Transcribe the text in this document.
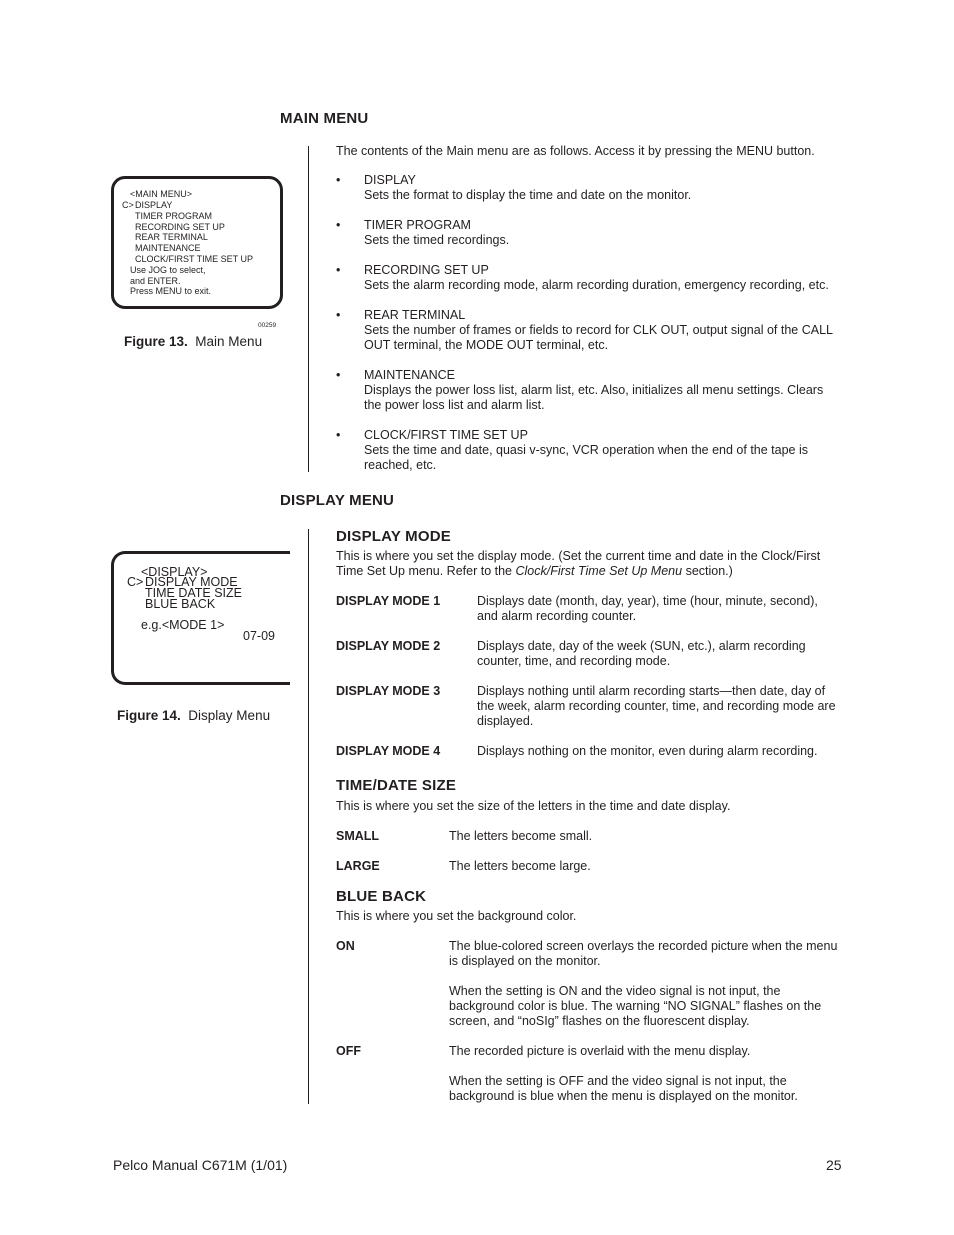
MAIN MENU
The contents of the Main menu are as follows. Access it by pressing the MENU button.
• DISPLAY
Sets the format to display the time and date on the monitor.
• TIMER PROGRAM
Sets the timed recordings.
• RECORDING SET UP
Sets the alarm recording mode, alarm recording duration, emergency recording, etc.
• REAR TERMINAL
Sets the number of frames or fields to record for CLK OUT, output signal of the CALL OUT terminal, the MODE OUT terminal, etc.
• MAINTENANCE
Displays the power loss list, alarm list, etc. Also, initializes all menu settings. Clears the power loss list and alarm list.
• CLOCK/FIRST TIME SET UP
Sets the time and date, quasi v-sync, VCR operation when the end of the tape is reached, etc.
<MAIN MENU>
C> DISPLAY
TIMER PROGRAM
RECORDING SET UP
REAR TERMINAL
MAINTENANCE
CLOCK/FIRST TIME SET UP
Use JOG to select,
and ENTER.
Press MENU to exit.
00259
Figure 13. Main Menu
DISPLAY MENU
<DISPLAY>
C> DISPLAY MODE
TIME DATE SIZE
BLUE BACK
e.g.<MODE 1>
07-09
Figure 14. Display Menu
DISPLAY MODE
This is where you set the display mode. (Set the current time and date in the Clock/First
Time Set Up menu. Refer to the Clock/First Time Set Up Menu section.)
DISPLAY MODE 1	Displays date (month, day, year), time (hour, minute, second), and alarm recording counter.
DISPLAY MODE 2	Displays date, day of the week (SUN, etc.), alarm recording counter, time, and recording mode.
DISPLAY MODE 3	Displays nothing until alarm recording starts—then date, day of the week, alarm recording counter, time, and recording mode are displayed.
DISPLAY MODE 4	Displays nothing on the monitor, even during alarm recording.
TIME/DATE SIZE
This is where you set the size of the letters in the time and date display.
SMALL	The letters become small.
LARGE	The letters become large.
BLUE BACK
This is where you set the background color.
ON	The blue-colored screen overlays the recorded picture when the menu is displayed on the monitor.
When the setting is ON and the video signal is not input, the background color is blue. The warning “NO SIGNAL” flashes on the screen, and “noSIg” flashes on the fluorescent display.
OFF	The recorded picture is overlaid with the menu display.
When the setting is OFF and the video signal is not input, the background is blue when the menu is displayed on the monitor.
Pelco Manual C671M (1/01)	25
